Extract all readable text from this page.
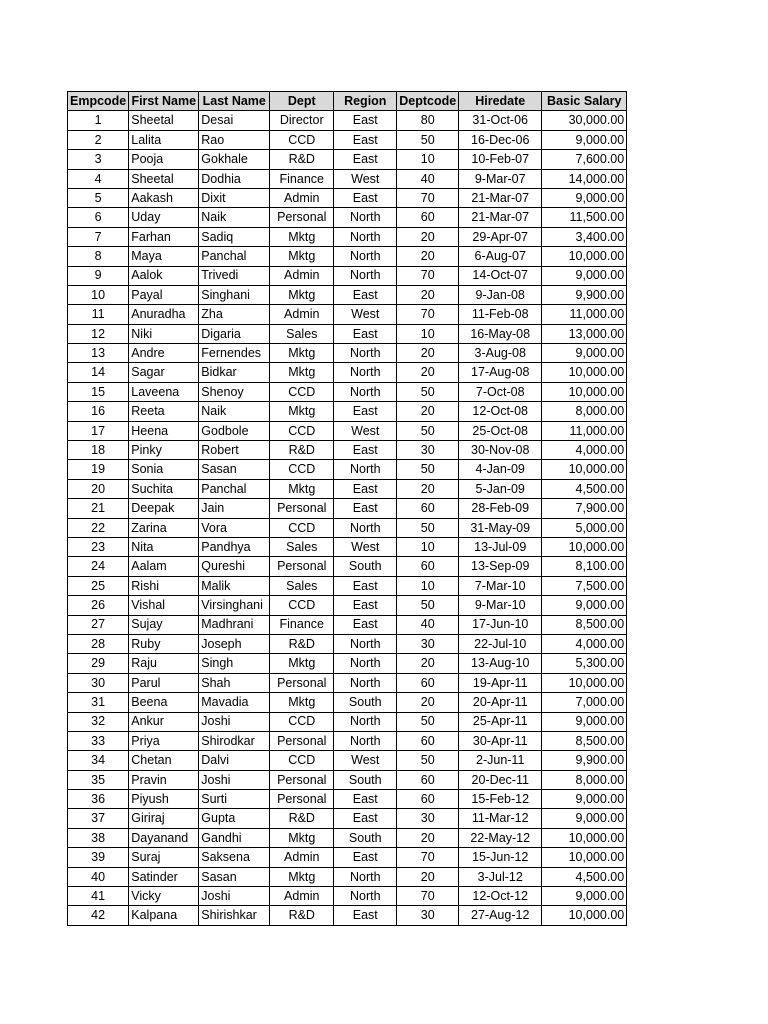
Empcode	First Name	Last Name	Dept	Region	Deptcode	Hiredate	Basic Salary
1	Sheetal	Desai	Director	East	80	31-Oct-06	30,000.00
2	Lalita	Rao	CCD	East	50	16-Dec-06	9,000.00
3	Pooja	Gokhale	R&D	East	10	10-Feb-07	7,600.00
4	Sheetal	Dodhia	Finance	West	40	9-Mar-07	14,000.00
5	Aakash	Dixit	Admin	East	70	21-Mar-07	9,000.00
6	Uday	Naik	Personal	North	60	21-Mar-07	11,500.00
7	Farhan	Sadiq	Mktg	North	20	29-Apr-07	3,400.00
8	Maya	Panchal	Mktg	North	20	6-Aug-07	10,000.00
9	Aalok	Trivedi	Admin	North	70	14-Oct-07	9,000.00
10	Payal	Singhani	Mktg	East	20	9-Jan-08	9,900.00
11	Anuradha	Zha	Admin	West	70	11-Feb-08	11,000.00
12	Niki	Digaria	Sales	East	10	16-May-08	13,000.00
13	Andre	Fernendes	Mktg	North	20	3-Aug-08	9,000.00
14	Sagar	Bidkar	Mktg	North	20	17-Aug-08	10,000.00
15	Laveena	Shenoy	CCD	North	50	7-Oct-08	10,000.00
16	Reeta	Naik	Mktg	East	20	12-Oct-08	8,000.00
17	Heena	Godbole	CCD	West	50	25-Oct-08	11,000.00
18	Pinky	Robert	R&D	East	30	30-Nov-08	4,000.00
19	Sonia	Sasan	CCD	North	50	4-Jan-09	10,000.00
20	Suchita	Panchal	Mktg	East	20	5-Jan-09	4,500.00
21	Deepak	Jain	Personal	East	60	28-Feb-09	7,900.00
22	Zarina	Vora	CCD	North	50	31-May-09	5,000.00
23	Nita	Pandhya	Sales	West	10	13-Jul-09	10,000.00
24	Aalam	Qureshi	Personal	South	60	13-Sep-09	8,100.00
25	Rishi	Malik	Sales	East	10	7-Mar-10	7,500.00
26	Vishal	Virsinghani	CCD	East	50	9-Mar-10	9,000.00
27	Sujay	Madhrani	Finance	East	40	17-Jun-10	8,500.00
28	Ruby	Joseph	R&D	North	30	22-Jul-10	4,000.00
29	Raju	Singh	Mktg	North	20	13-Aug-10	5,300.00
30	Parul	Shah	Personal	North	60	19-Apr-11	10,000.00
31	Beena	Mavadia	Mktg	South	20	20-Apr-11	7,000.00
32	Ankur	Joshi	CCD	North	50	25-Apr-11	9,000.00
33	Priya	Shirodkar	Personal	North	60	30-Apr-11	8,500.00
34	Chetan	Dalvi	CCD	West	50	2-Jun-11	9,900.00
35	Pravin	Joshi	Personal	South	60	20-Dec-11	8,000.00
36	Piyush	Surti	Personal	East	60	15-Feb-12	9,000.00
37	Giriraj	Gupta	R&D	East	30	11-Mar-12	9,000.00
38	Dayanand	Gandhi	Mktg	South	20	22-May-12	10,000.00
39	Suraj	Saksena	Admin	East	70	15-Jun-12	10,000.00
40	Satinder	Sasan	Mktg	North	20	3-Jul-12	4,500.00
41	Vicky	Joshi	Admin	North	70	12-Oct-12	9,000.00
42	Kalpana	Shirishkar	R&D	East	30	27-Aug-12	10,000.00
